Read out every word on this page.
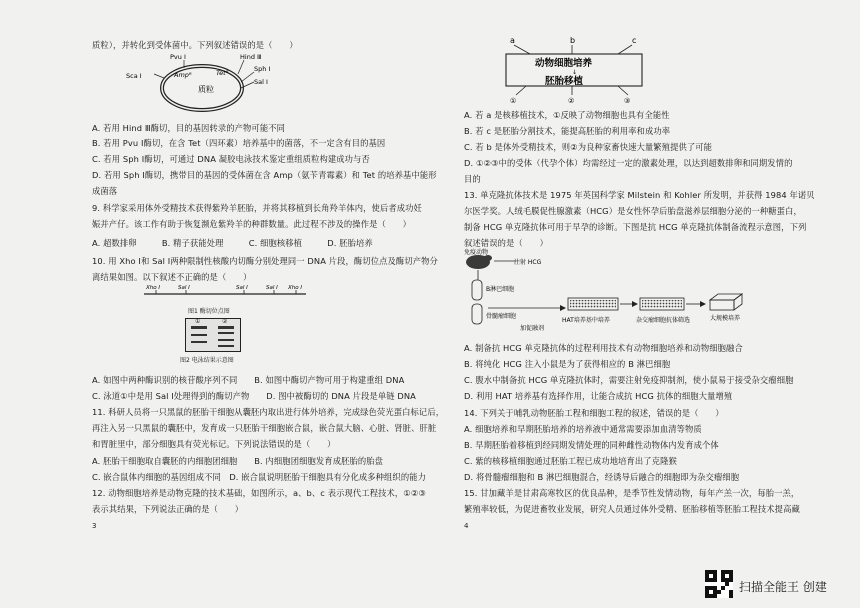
质粒），并转化到受体菌中。下列叙述错误的是（　　）
A. 若用 Hind Ⅲ酶切，目的基因转录的产物可能不同
B. 若用 Pvu Ⅰ酶切，在含 Tet（四环素）培养基中的菌落，不一定含有目的基因
C. 若用 Sph Ⅰ酶切，可通过 DNA 凝胶电泳技术鉴定重组质粒构建成功与否
D. 若用 Sph Ⅰ酶切，携带目的基因的受体菌在含 Amp（氨苄青霉素）和 Tet 的培养基中能形
成菌落
9. 科学家采用体外受精技术获得紫羚羊胚胎，并将其移植到长角羚羊体内，使后者成功妊
娠并产仔。该工作有助于恢复濒危紫羚羊的种群数量。此过程不涉及的操作是（　　）
A. 超数排卵　　　B. 精子获能处理　　　C. 细胞核移植　　　D. 胚胎培养
10. 用 Xho Ⅰ和 Sal Ⅰ两种限制性核酸内切酶分别处理同一 DNA 片段，酶切位点及酶切产物分
离结果如图。以下叙述不正确的是（　　）
A. 如图中两种酶识别的核苷酸序列不同　　B. 如图中酶切产物可用于构建重组 DNA
C. 泳道①中是用 Sal Ⅰ处理得到的酶切产物　　D. 图中被酶切的 DNA 片段是单链 DNA
11. 科研人员将一只黑鼠的胚胎干细胞从囊胚内取出进行体外培养，完成绿色荧光蛋白标记后，
再注入另一只黑鼠的囊胚中，发育成一只胚胎干细胞嵌合鼠，嵌合鼠大脑、心脏、肾脏、肝脏
和胃脏里中，部分细胞具有荧光标记。下列说法错误的是（　　）
A. 胚胎干细胞取自囊胚的内细胞团细胞　　B. 内细胞团细胞发育成胚胎的胎盘
C. 嵌合鼠体内细胞的基因组成不同　D. 嵌合鼠说明胚胎干细胞具有分化成多种组织的能力
12. 动物细胞培养是动物克隆的技术基础，如图所示，a、b、c 表示现代工程技术，①②③
表示其结果，下列说法正确的是（　　）
Pvu Ⅰ
Sca Ⅰ
Hind Ⅲ
Sph Ⅰ
Sal Ⅰ
Ampᴿ	Tetᴿ
质粒
Xho Ⅰ	Sal Ⅰ	Sal Ⅰ	Sal Ⅰ Xho Ⅰ
图1 酶切位点图
①	②
图2 电泳结果示意图
3
a	b	c
动物细胞培养
↓
胚胎移植
①	②	③
免疫动物
注射 HCG
B淋巴细胞
骨髓瘤细胞
加促融剂
HAT培养基中培养	杂交瘤细胞抗体筛选	大规模培养
A. 若 a 是核移植技术，①反映了动物细胞也具有全能性
B. 若 c 是胚胎分割技术，能提高胚胎的利用率和成功率
C. 若 b 是体外受精技术，则②为良种家畜快速大量繁殖提供了可能
D. ①②③中的受体（代孕个体）均需经过一定的激素处理，以达到超数排卵和同期发情的
目的
13. 单克隆抗体技术是 1975 年英国科学家 Milstein 和 Kohler 所发明，并获得 1984 年诺贝
尔医学奖。人绒毛膜促性腺激素（HCG）是女性怀孕后胎盘滋养层细胞分泌的一种糖蛋白，
制备 HCG 单克隆抗体可用于早孕的诊断。下图是抗 HCG 单克隆抗体制备流程示意图，下列
叙述错误的是（　　）
A. 制备抗 HCG 单克隆抗体的过程利用技术有动物细胞培养和动物细胞融合
B. 将纯化 HCG 注入小鼠是为了获得相应的 B 淋巴细胞
C. 腹水中制备抗 HCG 单克隆抗体时，需要注射免疫抑制剂，使小鼠易于接受杂交瘤细胞
D. 利用 HAT 培养基有选择作用，让能合成抗 HCG 抗体的细胞大量增殖
14. 下列关于哺乳动物胚胎工程和细胞工程的叙述，错误的是（　　）
A. 细胞培养和早期胚胎培养的培养液中通常需要添加血清等物质
B. 早期胚胎着移植到经同期发情处理的同种雌性动物体内发育成个体
C. 紫的核移植细胞通过胚胎工程已成功地培育出了克隆猴
D. 将骨髓瘤细胞和 B 淋巴细胞混合，经诱导后融合的细胞即为杂交瘤细胞
15. 甘加藏羊是甘肃高寒牧区的优良品种，是季节性发情动物，每年产羔一次，每胎一羔，
繁殖率较低，为促进畜牧业发展，研究人员通过体外受精、胚胎移植等胚胎工程技术提高藏
4
扫描全能王 创建
